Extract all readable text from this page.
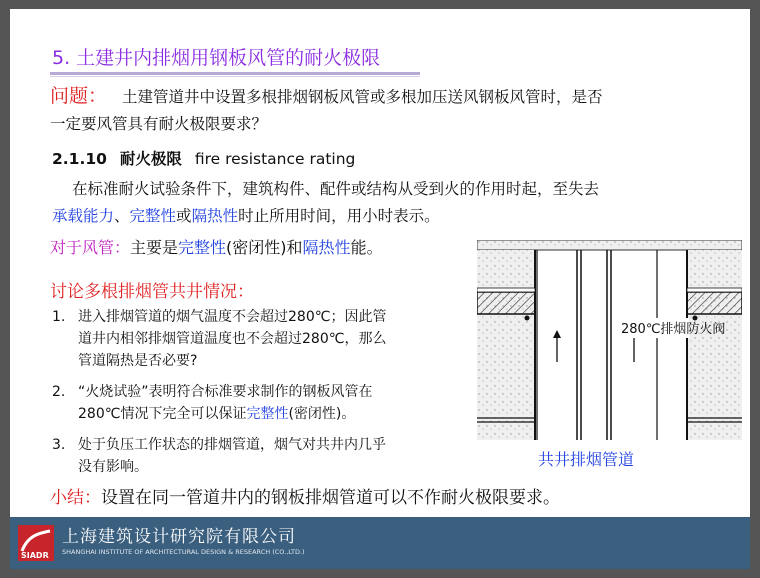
5. 土建井内排烟用钢板风管的耐火极限
问题： 土建管道井中设置多根排烟钢板风管或多根加压送风钢板风管时，是否
一定要风管具有耐火极限要求？
2.1.10 耐火极限 fire resistance rating
在标准耐火试验条件下，建筑构件、配件或结构从受到火的作用时起，至失去
承载能力、完整性或隔热性时止所用时间，用小时表示。
对于风管：主要是完整性(密闭性)和隔热性能。
讨论多根排烟管共井情况：
1. 进入排烟管道的烟气温度不会超过280℃；因此管
道井内相邻排烟管道温度也不会超过280℃，那么
管道隔热是否必要?
2. “火烧试验”表明符合标准要求制作的钢板风管在
280℃情况下完全可以保证完整性(密闭性)。
3. 处于负压工作状态的排烟管道，烟气对共井内几乎
没有影响。
小结：设置在同一管道井内的钢板排烟管道可以不作耐火极限要求。
280℃排烟防火阀
共井排烟管道
SIADR
上海建筑设计研究院有限公司
SHANGHAI INSTITUTE OF ARCHITECTURAL DESIGN & RESEARCH (CO.,LTD.)
